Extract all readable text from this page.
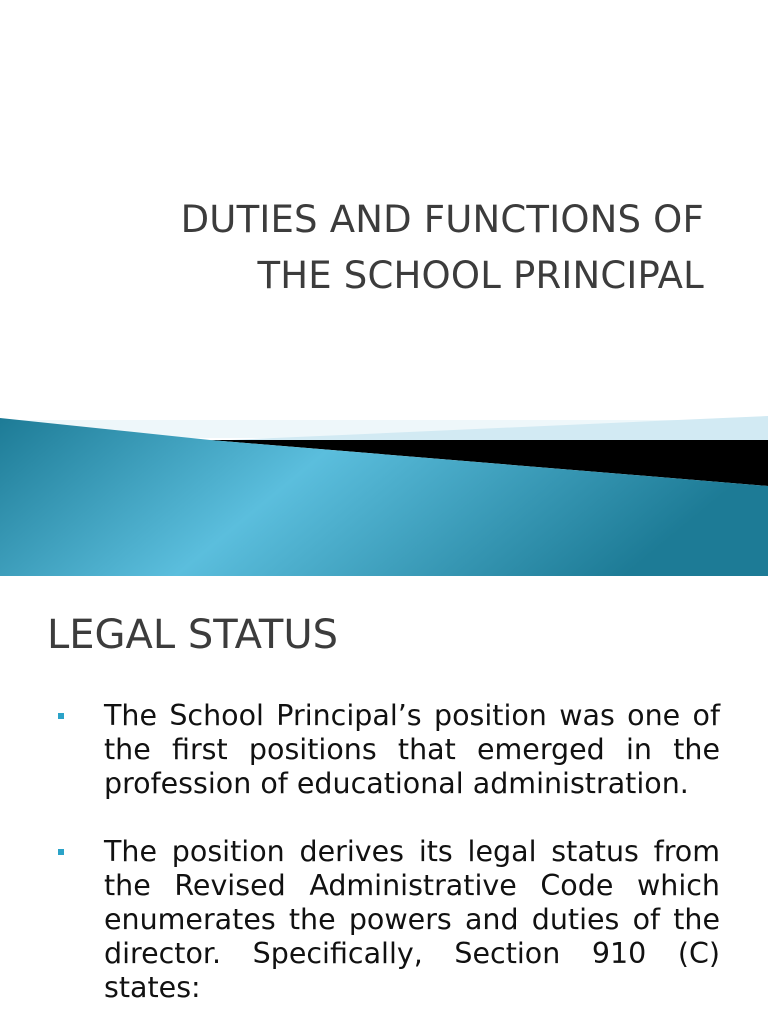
DUTIES AND FUNCTIONS OF
THE SCHOOL PRINCIPAL
LEGAL STATUS
The School Principal’s position was one of the first positions that emerged in the profession of educational administration.
The position derives its legal status from the Revised Administrative Code which enumerates the powers and duties of the director. Specifically, Section 910 (C) states:
